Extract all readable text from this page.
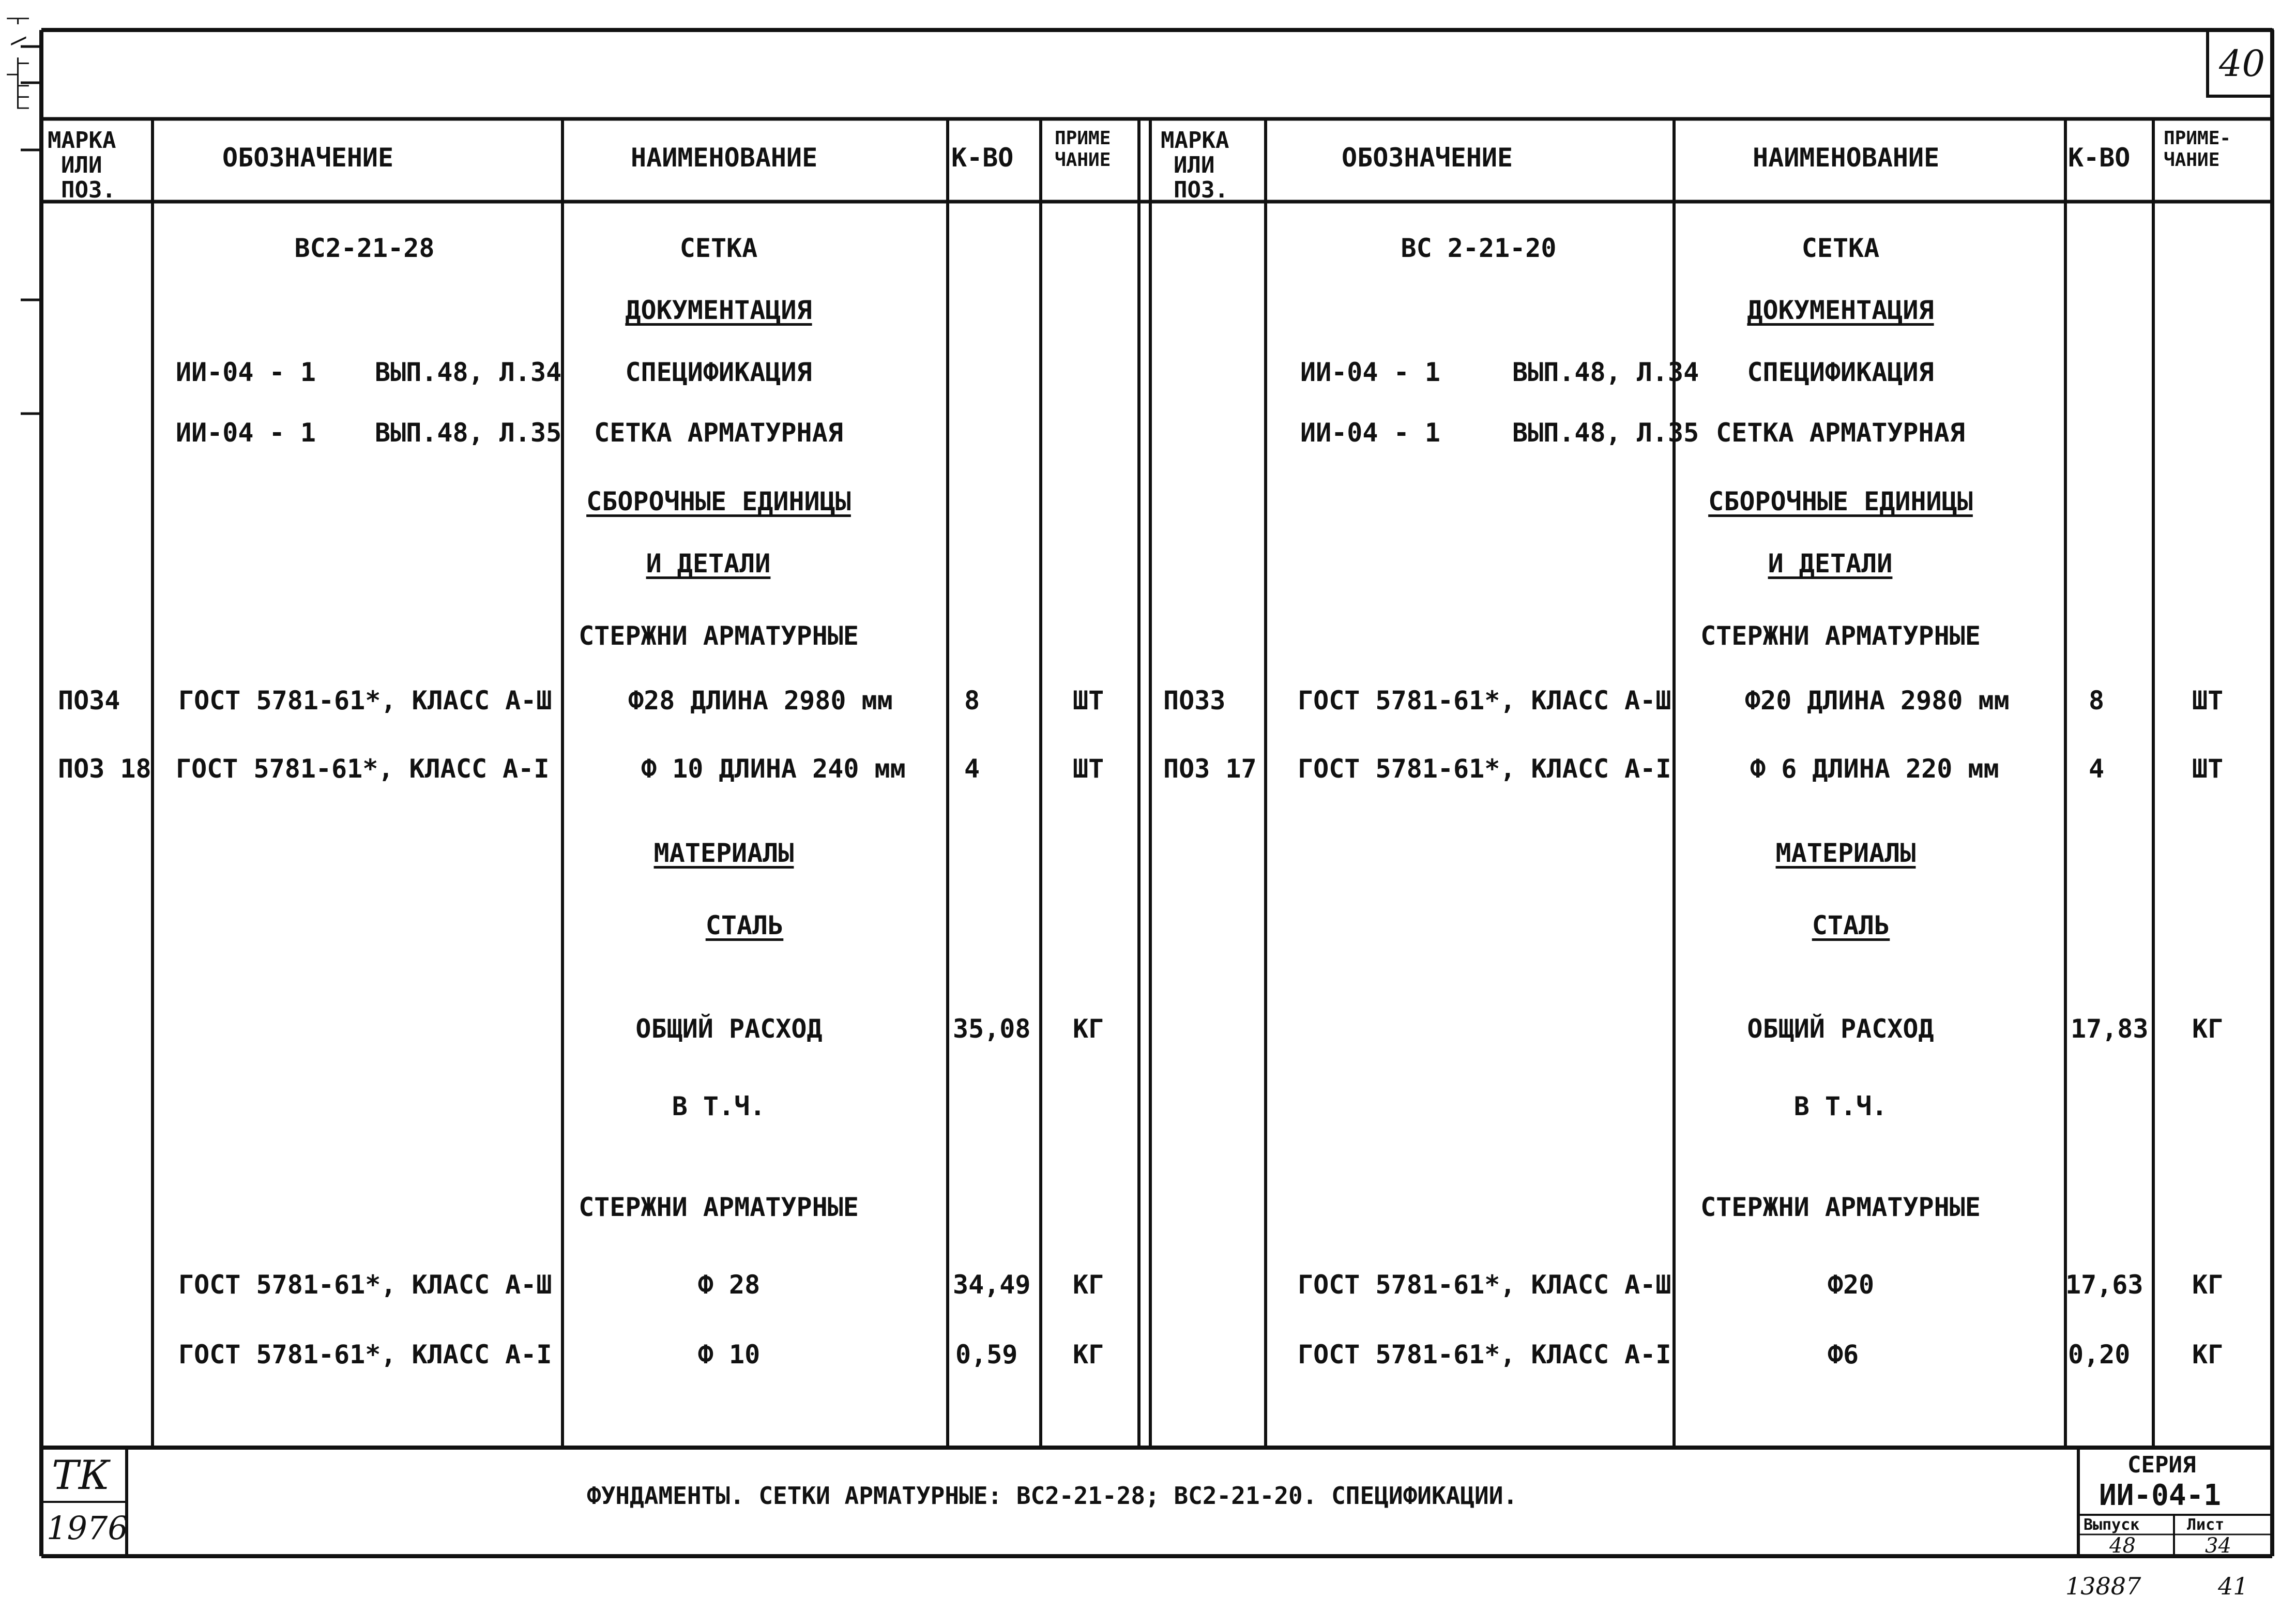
┌┬┬┴┬ \ ┤	40
МАРКА
ИЛИ
ПОЗ.
ОБОЗНАЧЕНИЕ	НАИМЕНОВАНИЕ	К-ВО
ПРИМЕ
ЧАНИЕ
МАРКА
ИЛИ
ПОЗ.
ОБОЗНАЧЕНИЕ	НАИМЕНОВАНИЕ	К-ВО
ПРИМЕ-
ЧАНИЕ
ВС2-21-28	СЕТКА
ДОКУМЕНТАЦИЯ
ИИ-04 - 1 ВЫП.48, Л.34 СПЕЦИФИКАЦИЯ
ИИ-04 - 1 ВЫП.48, Л.35 СЕТКА АРМАТУРНАЯ
СБОРОЧНЫЕ ЕДИНИЦЫ
И ДЕТАЛИ
СТЕРЖНИ АРМАТУРНЫЕ
ПОЗ4 ГОСТ 5781-61*, КЛАСС А-Ш	Ф28 ДЛИНА 2980 мм	8	ШТ
ПОЗ 18 ГОСТ 5781-61*, КЛАСС А-I	Ф 10 ДЛИНА 240 мм 4	ШТ
МАТЕРИАЛЫ
СТАЛЬ
ОБЩИЙ РАСХОД	35,08 КГ
В Т.Ч.
СТЕРЖНИ АРМАТУРНЫЕ
ГОСТ 5781-61*, КЛАСС А-Ш	Ф 28	34,49 КГ
ГОСТ 5781-61*, КЛАСС А-I	Ф 10	0,59 КГ
ВС 2-21-20	СЕТКА
ДОКУМЕНТАЦИЯ
ИИ-04 - 1	ВЫП.48, Л.34 СПЕЦИФИКАЦИЯ
ИИ-04 - 1	ВЫП.48, Л.35 СЕТКА АРМАТУРНАЯ
СБОРОЧНЫЕ ЕДИНИЦЫ
И ДЕТАЛИ
СТЕРЖНИ АРМАТУРНЫЕ
ПОЗ3	ГОСТ 5781-61*, КЛАСС А-Ш	Ф20 ДЛИНА 2980 мм	8	ШТ
ПОЗ 17 ГОСТ 5781-61*, КЛАСС А-I	Ф 6 ДЛИНА 220 мм	4	ШТ
МАТЕРИАЛЫ
СТАЛЬ
ОБЩИЙ РАСХОД	17,83 КГ
В Т.Ч.
СТЕРЖНИ АРМАТУРНЫЕ
ГОСТ 5781-61*, КЛАСС А-Ш	Ф20	17,63 КГ
ГОСТ 5781-61*, КЛАСС А-I	Ф6	0,20 КГ
ТК
1976
ФУНДАМЕНТЫ. СЕТКИ АРМАТУРНЫЕ: ВС2-21-28; ВС2-21-20. СПЕЦИФИКАЦИИ.
СЕРИЯ
ИИ-04-1
Выпуск	Лист
48	34
13887	41
